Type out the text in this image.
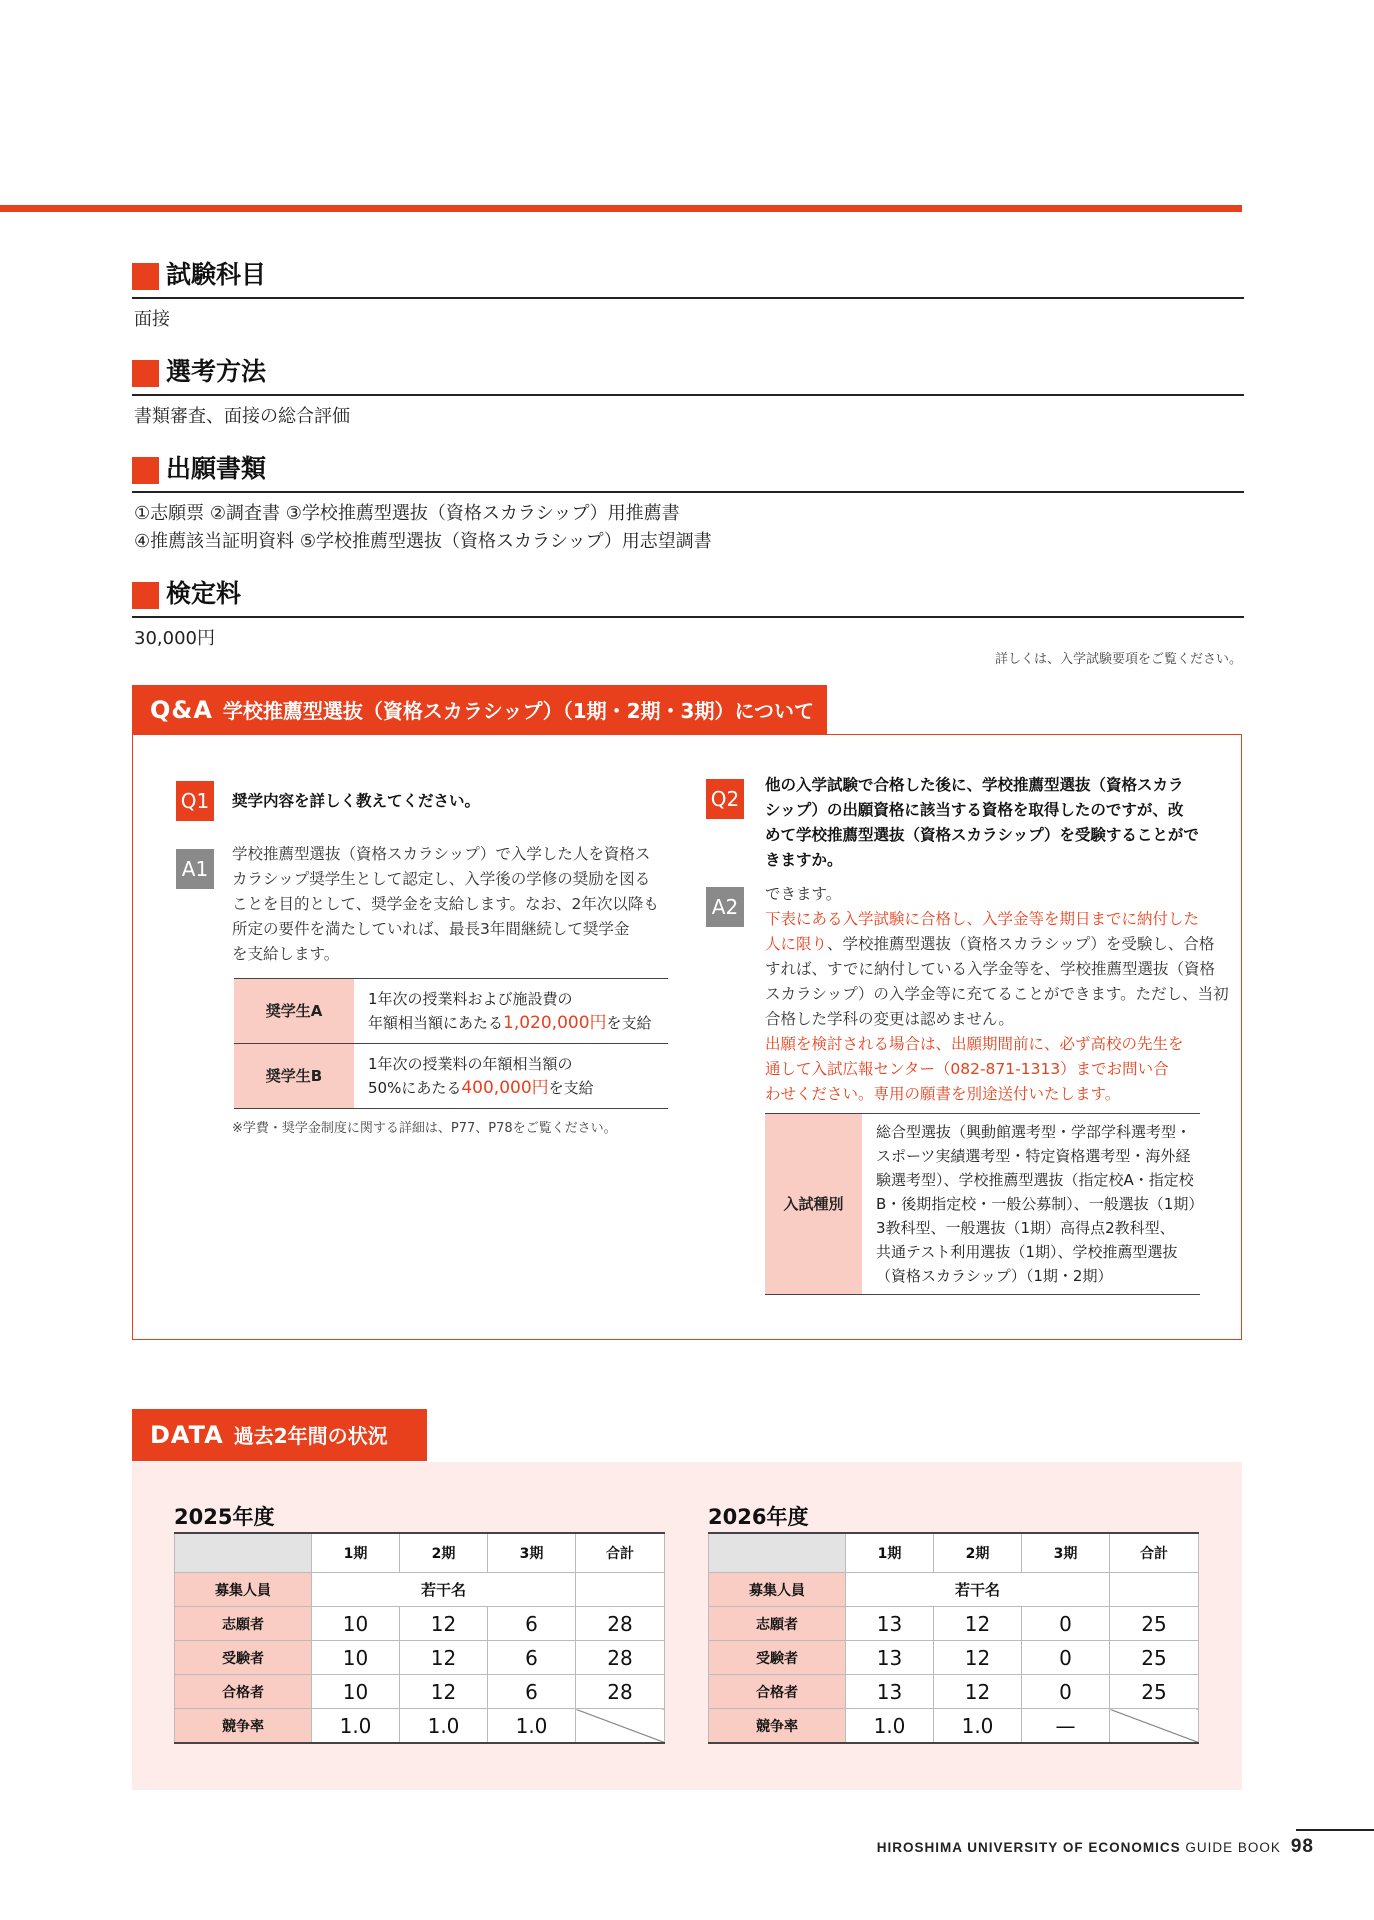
試験科目
面接
選考方法
書類審査、面接の総合評価
出願書類
①志願票 ②調査書 ③学校推薦型選抜（資格スカラシップ）用推薦書
④推薦該当証明資料 ⑤学校推薦型選抜（資格スカラシップ）用志望調書
検定料
30,000円
詳しくは、入学試験要項をご覧ください。
Q&A 学校推薦型選抜（資格スカラシップ）（1期・2期・3期）について
Q1	奨学内容を詳しく教えてください。
A1
学校推薦型選抜（資格スカラシップ）で入学した人を資格ス
カラシップ奨学生として認定し、入学後の学修の奨励を図る
ことを目的として、奨学金を支給します。なお、2年次以降も
所定の要件を満たしていれば、最長3年間継続して奨学金
を支給します。
奨学生A	1年次の授業料および施設費の
年額相当額にあたる1,020,000円を支給

奨学生B	1年次の授業料の年額相当額の
50%にあたる400,000円を支給
※学費・奨学金制度に関する詳細は、P77、P78をご覧ください。
Q2
他の入学試験で合格した後に、学校推薦型選抜（資格スカラ
シップ）の出願資格に該当する資格を取得したのですが、改
めて学校推薦型選抜（資格スカラシップ）を受験することがで
きますか。
A2
できます。
下表にある入学試験に合格し、入学金等を期日までに納付した
人に限り、学校推薦型選抜（資格スカラシップ）を受験し、合格
すれば、すでに納付している入学金等を、学校推薦型選抜（資格
スカラシップ）の入学金等に充てることができます。ただし、当初
合格した学科の変更は認めません。
出願を検討される場合は、出願期間前に、必ず高校の先生を
通して入試広報センター（082-871-1313）までお問い合
わせください。専用の願書を別途送付いたします。
入試種別	
総合型選抜（興動館選考型・学部学科選考型・
スポーツ実績選考型・特定資格選考型・海外経
験選考型）、学校推薦型選抜（指定校A・指定校
B・後期指定校・一般公募制）、一般選抜（1期）
3教科型、一般選抜（1期）高得点2教科型、
共通テスト利用選抜（1期）、学校推薦型選抜
（資格スカラシップ）（1期・2期）
DATA 過去2年間の状況
2025年度	2026年度
	1期	2期	3期	合計
募集人員	若干名			
志願者	10	12	6	28
受験者	10	12	6	28
合格者	10	12	6	28
競争率	1.0	1.0	1.0	
	1期	2期	3期	合計
募集人員	若干名			
志願者	13	12	0	25
受験者	13	12	0	25
合格者	13	12	0	25
競争率	1.0	1.0	—	
HIROSHIMA UNIVERSITY OF ECONOMICS GUIDE BOOK 98
